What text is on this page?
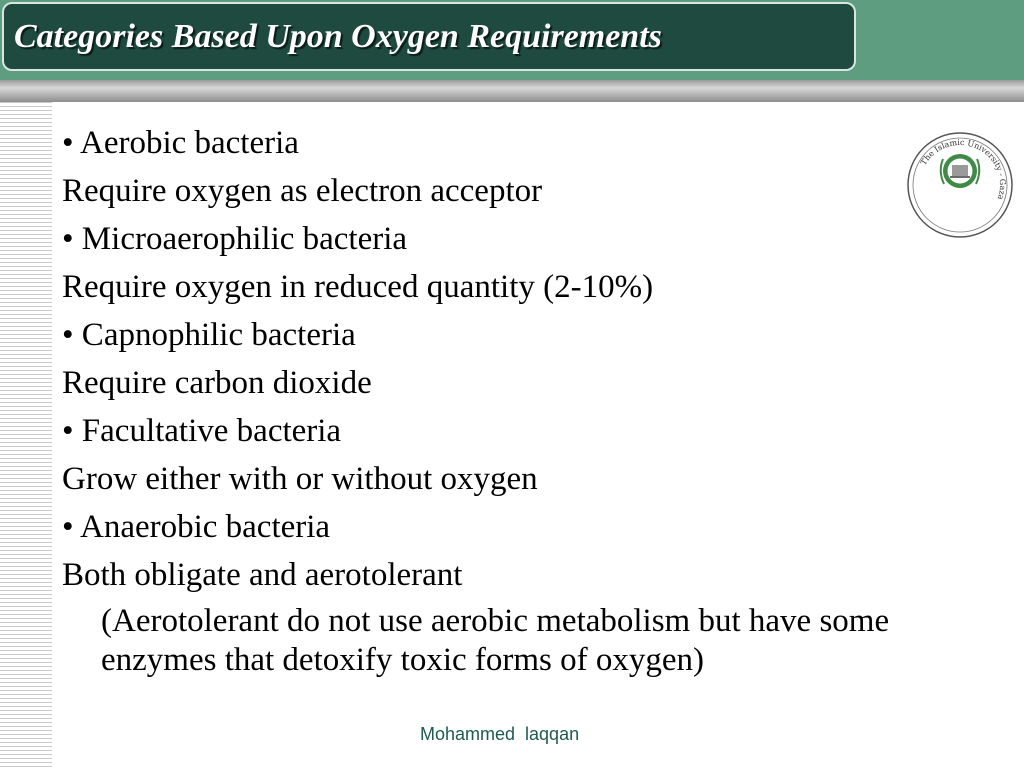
Categories Based Upon Oxygen Requirements
• Aerobic bacteria
Require oxygen as electron acceptor
• Microaerophilic bacteria
Require oxygen in reduced quantity (2-10%)
• Capnophilic bacteria
Require carbon dioxide
• Facultative bacteria
Grow either with or without oxygen
• Anaerobic bacteria
Both obligate and aerotolerant
(Aerotolerant do not use aerobic metabolism but have some enzymes that detoxify toxic forms of oxygen)
The Islamic University - Gaza
Mohammed  laqqan
